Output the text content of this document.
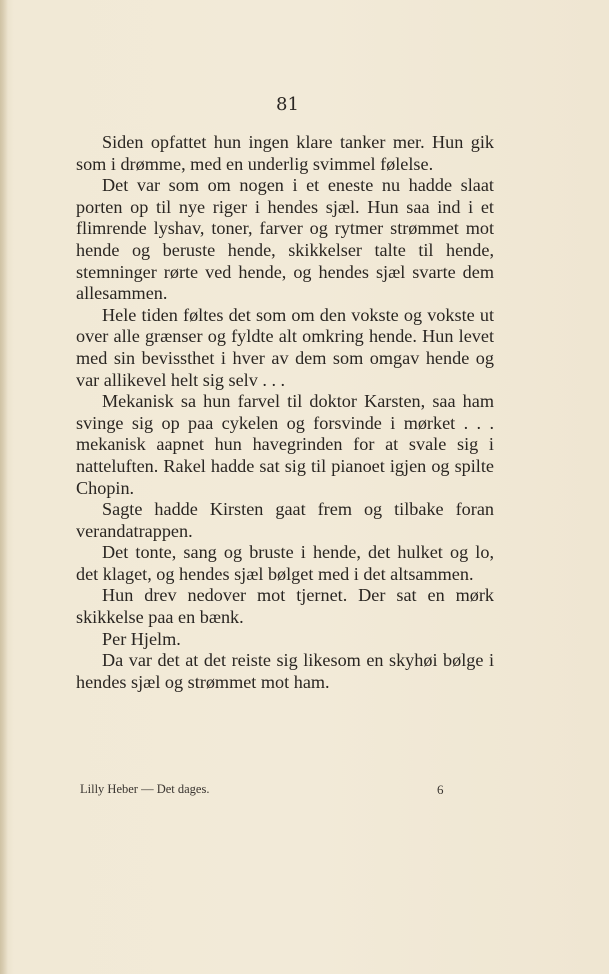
81

Siden opfattet hun ingen klare tanker mer. Hun gik som i drømme, med en underlig svimmel følelse.

Det var som om nogen i et eneste nu hadde slaat porten op til nye riger i hendes sjæl. Hun saa ind i et flimrende lyshav, toner, farver og rytmer strømmet mot hende og beruste hende, skikkelser talte til hende, stemninger rørte ved hende, og hendes sjæl svarte dem allesammen.

Hele tiden føltes det som om den vokste og vokste ut over alle grænser og fyldte alt omkring hende. Hun levet med sin bevissthet i hver av dem som omgav hende og var allikevel helt sig selv . . .

Mekanisk sa hun farvel til doktor Karsten, saa ham svinge sig op paa cykelen og forsvinde i mørket . . . mekanisk aapnet hun havegrinden for at svale sig i natteluften. Rakel hadde sat sig til pianoet igjen og spilte Chopin.

Sagte hadde Kirsten gaat frem og tilbake foran verandatrappen.

Det tonte, sang og bruste i hende, det hulket og lo, det klaget, og hendes sjæl bølget med i det altsammen.

Hun drev nedover mot tjernet. Der sat en mørk skikkelse paa en bænk.

Per Hjelm.

Da var det at det reiste sig likesom en skyhøi bølge i hendes sjæl og strømmet mot ham.

Lilly Heber — Det dages.	6
